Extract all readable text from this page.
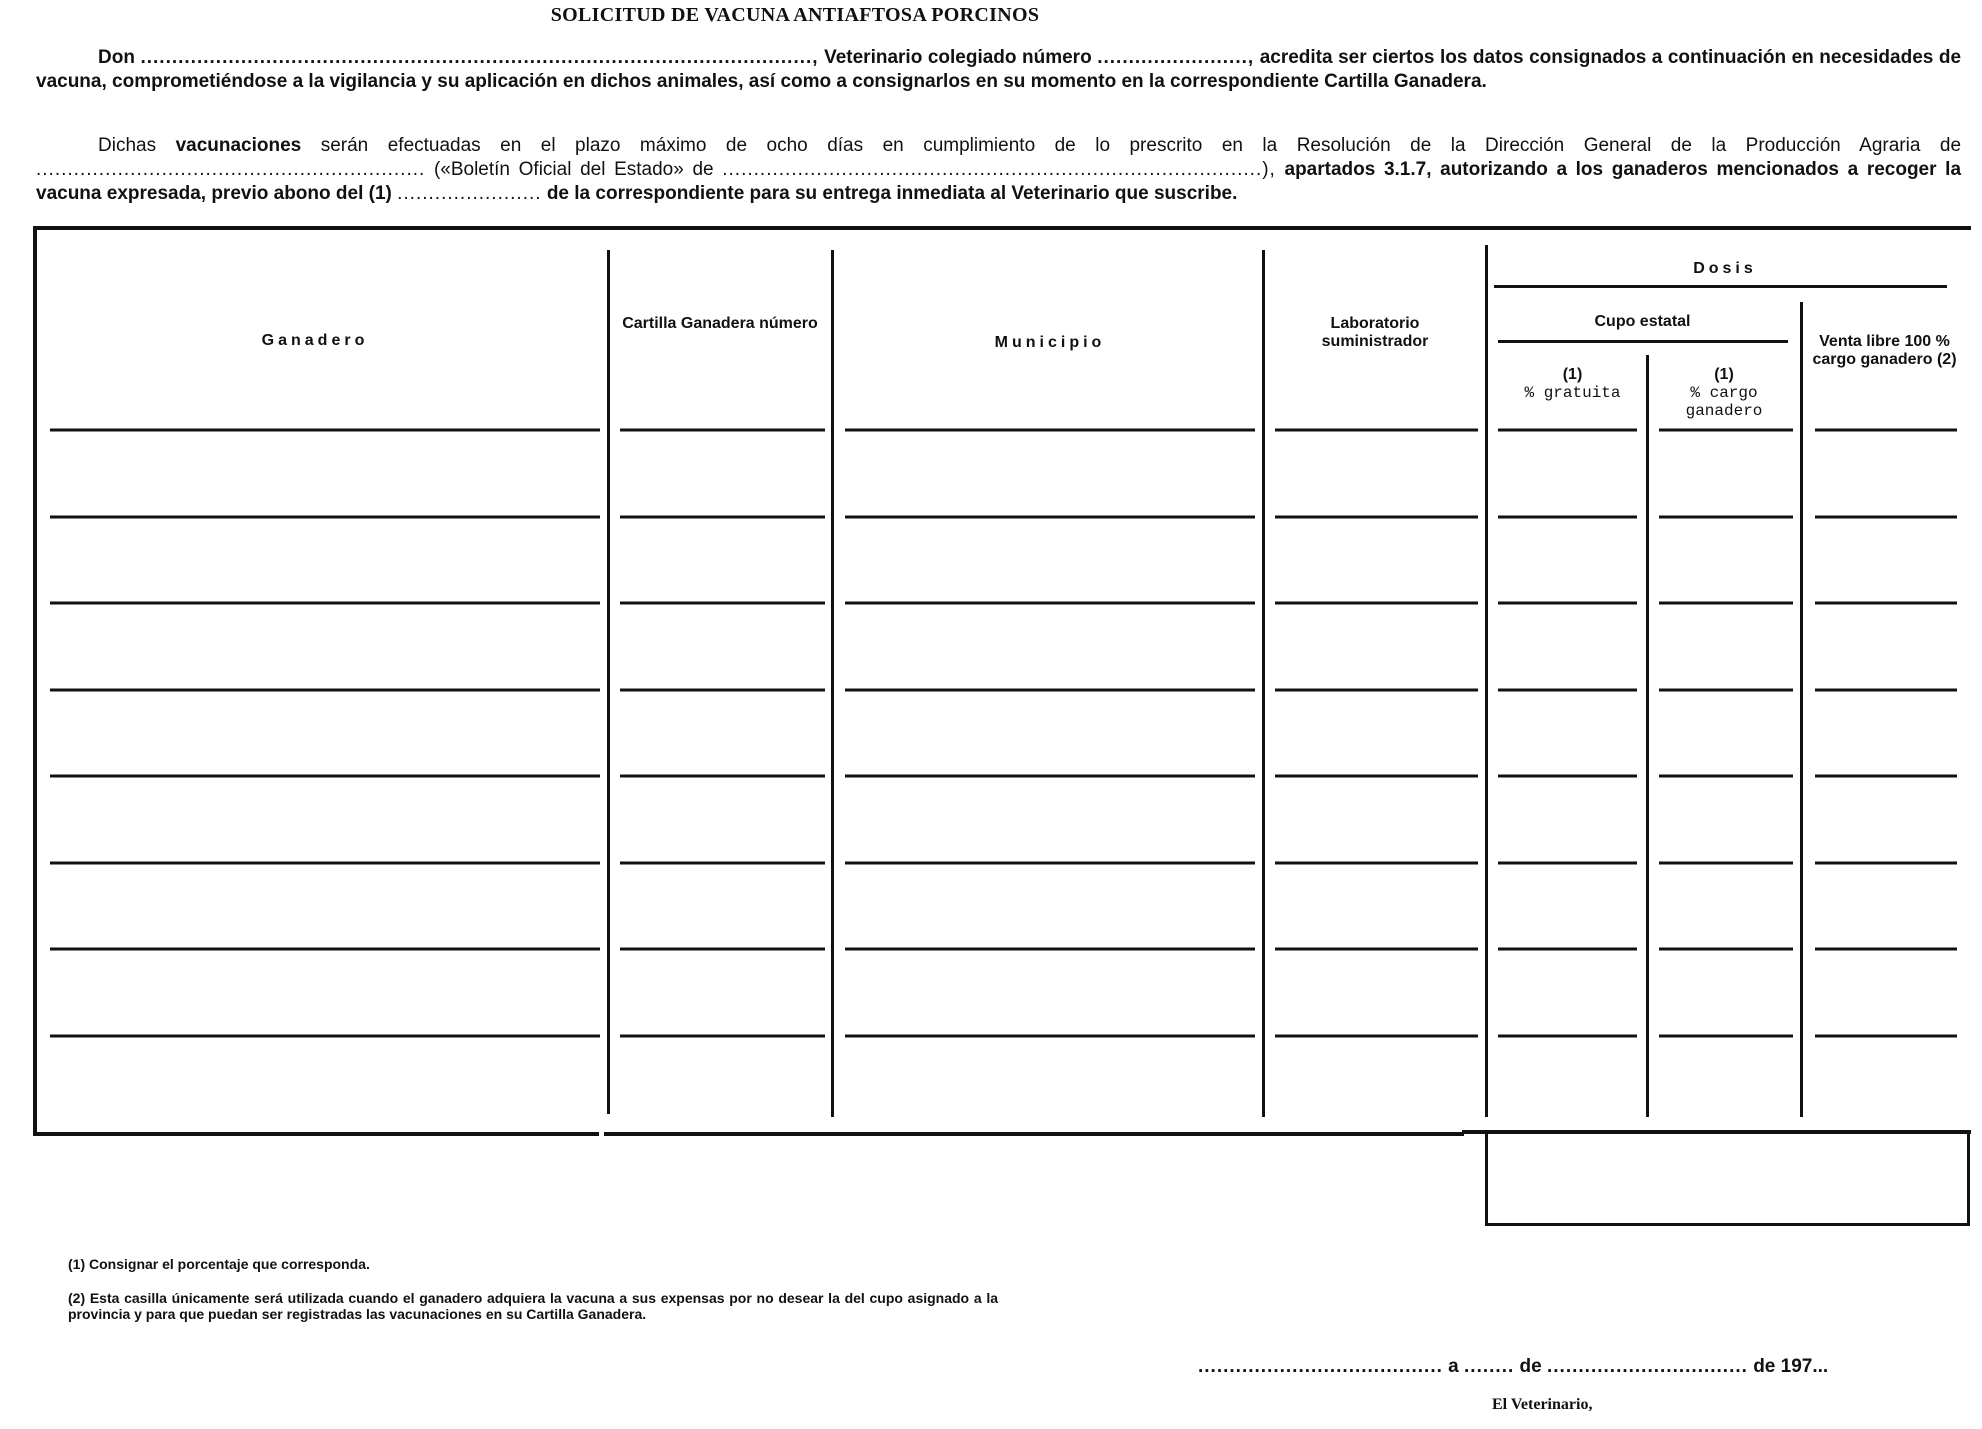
SOLICITUD DE VACUNA ANTIAFTOSA PORCINOS

Don ..........................................................................................................., Veterinario colegiado número ........................, acredita ser ciertos los datos consignados a continuación en necesidades de vacuna, comprometiéndose a la vigilancia y su aplicación en dichos animales, así como a consignarlos en su momento en la correspondiente Cartilla Ganadera.

Dichas vacunaciones serán efectuadas en el plazo máximo de ocho días en cumplimiento de lo prescrito en la Resolución de la Dirección General de la Producción Agraria de .............................................................. («Boletín Oficial del Estado» de ......................................................................................), apartados 3.1.7, autorizando a los ganaderos mencionados a recoger la vacuna expresada, previo abono del (1) ....................... de la correspondiente para su entrega inmediata al Veterinario que suscribe.

Ganadero
Cartilla Ganadera número
Municipio
Laboratorio suministrador
Dosis
Cupo estatal
(1)
% gratuita
(1)
% cargo ganadero
Venta libre 100 % cargo ganadero (2)
(1) Consignar el porcentaje que corresponda.
(2) Esta casilla únicamente será utilizada cuando el ganadero adquiera la vacuna a sus expensas por no desear la del cupo asignado a la provincia y para que puedan ser registradas las vacunaciones en su Cartilla Ganadera.
....................................... a ........ de ................................ de 197...
El Veterinario,
